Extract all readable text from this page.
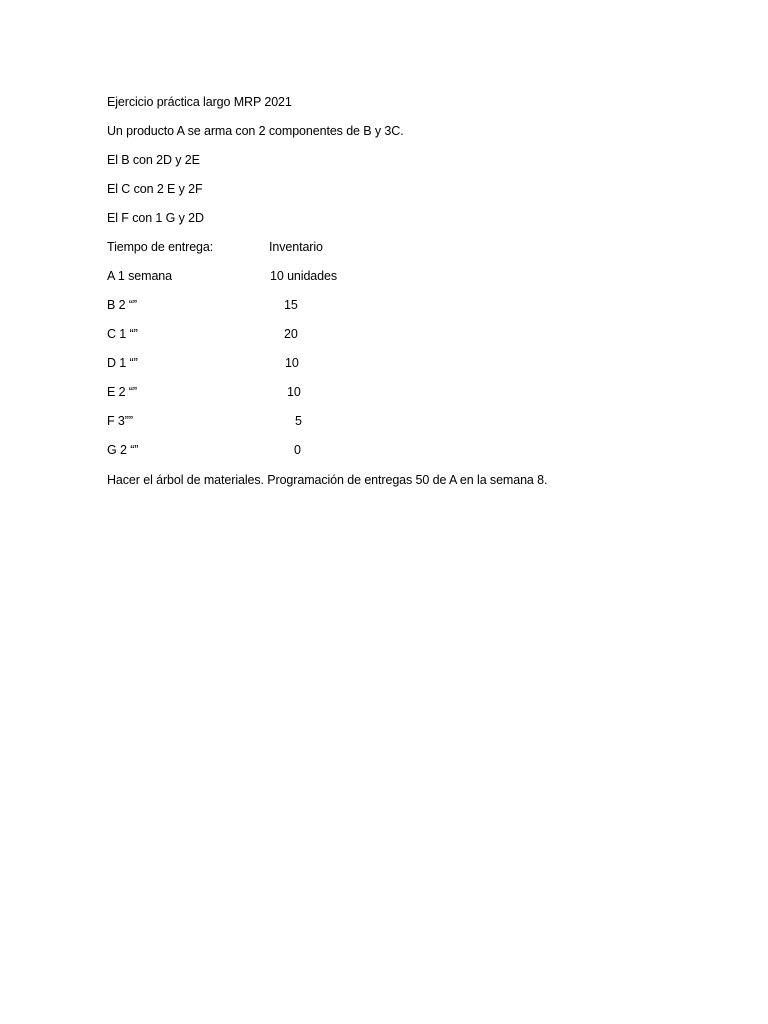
Ejercicio práctica largo MRP 2021
Un producto A se arma con 2 componentes de B y 3C.
El B con 2D y 2E
El C con 2 E y 2F
El F con 1 G y 2D
Tiempo de entrega:	Inventario
A 1 semana	10 unidades
B 2 “”	15
C 1 “”	20
D 1 “”	10
E 2 “”	10
F 3””	5
G 2 “”	0
Hacer el árbol de materiales. Programación de entregas 50 de A en la semana 8.
